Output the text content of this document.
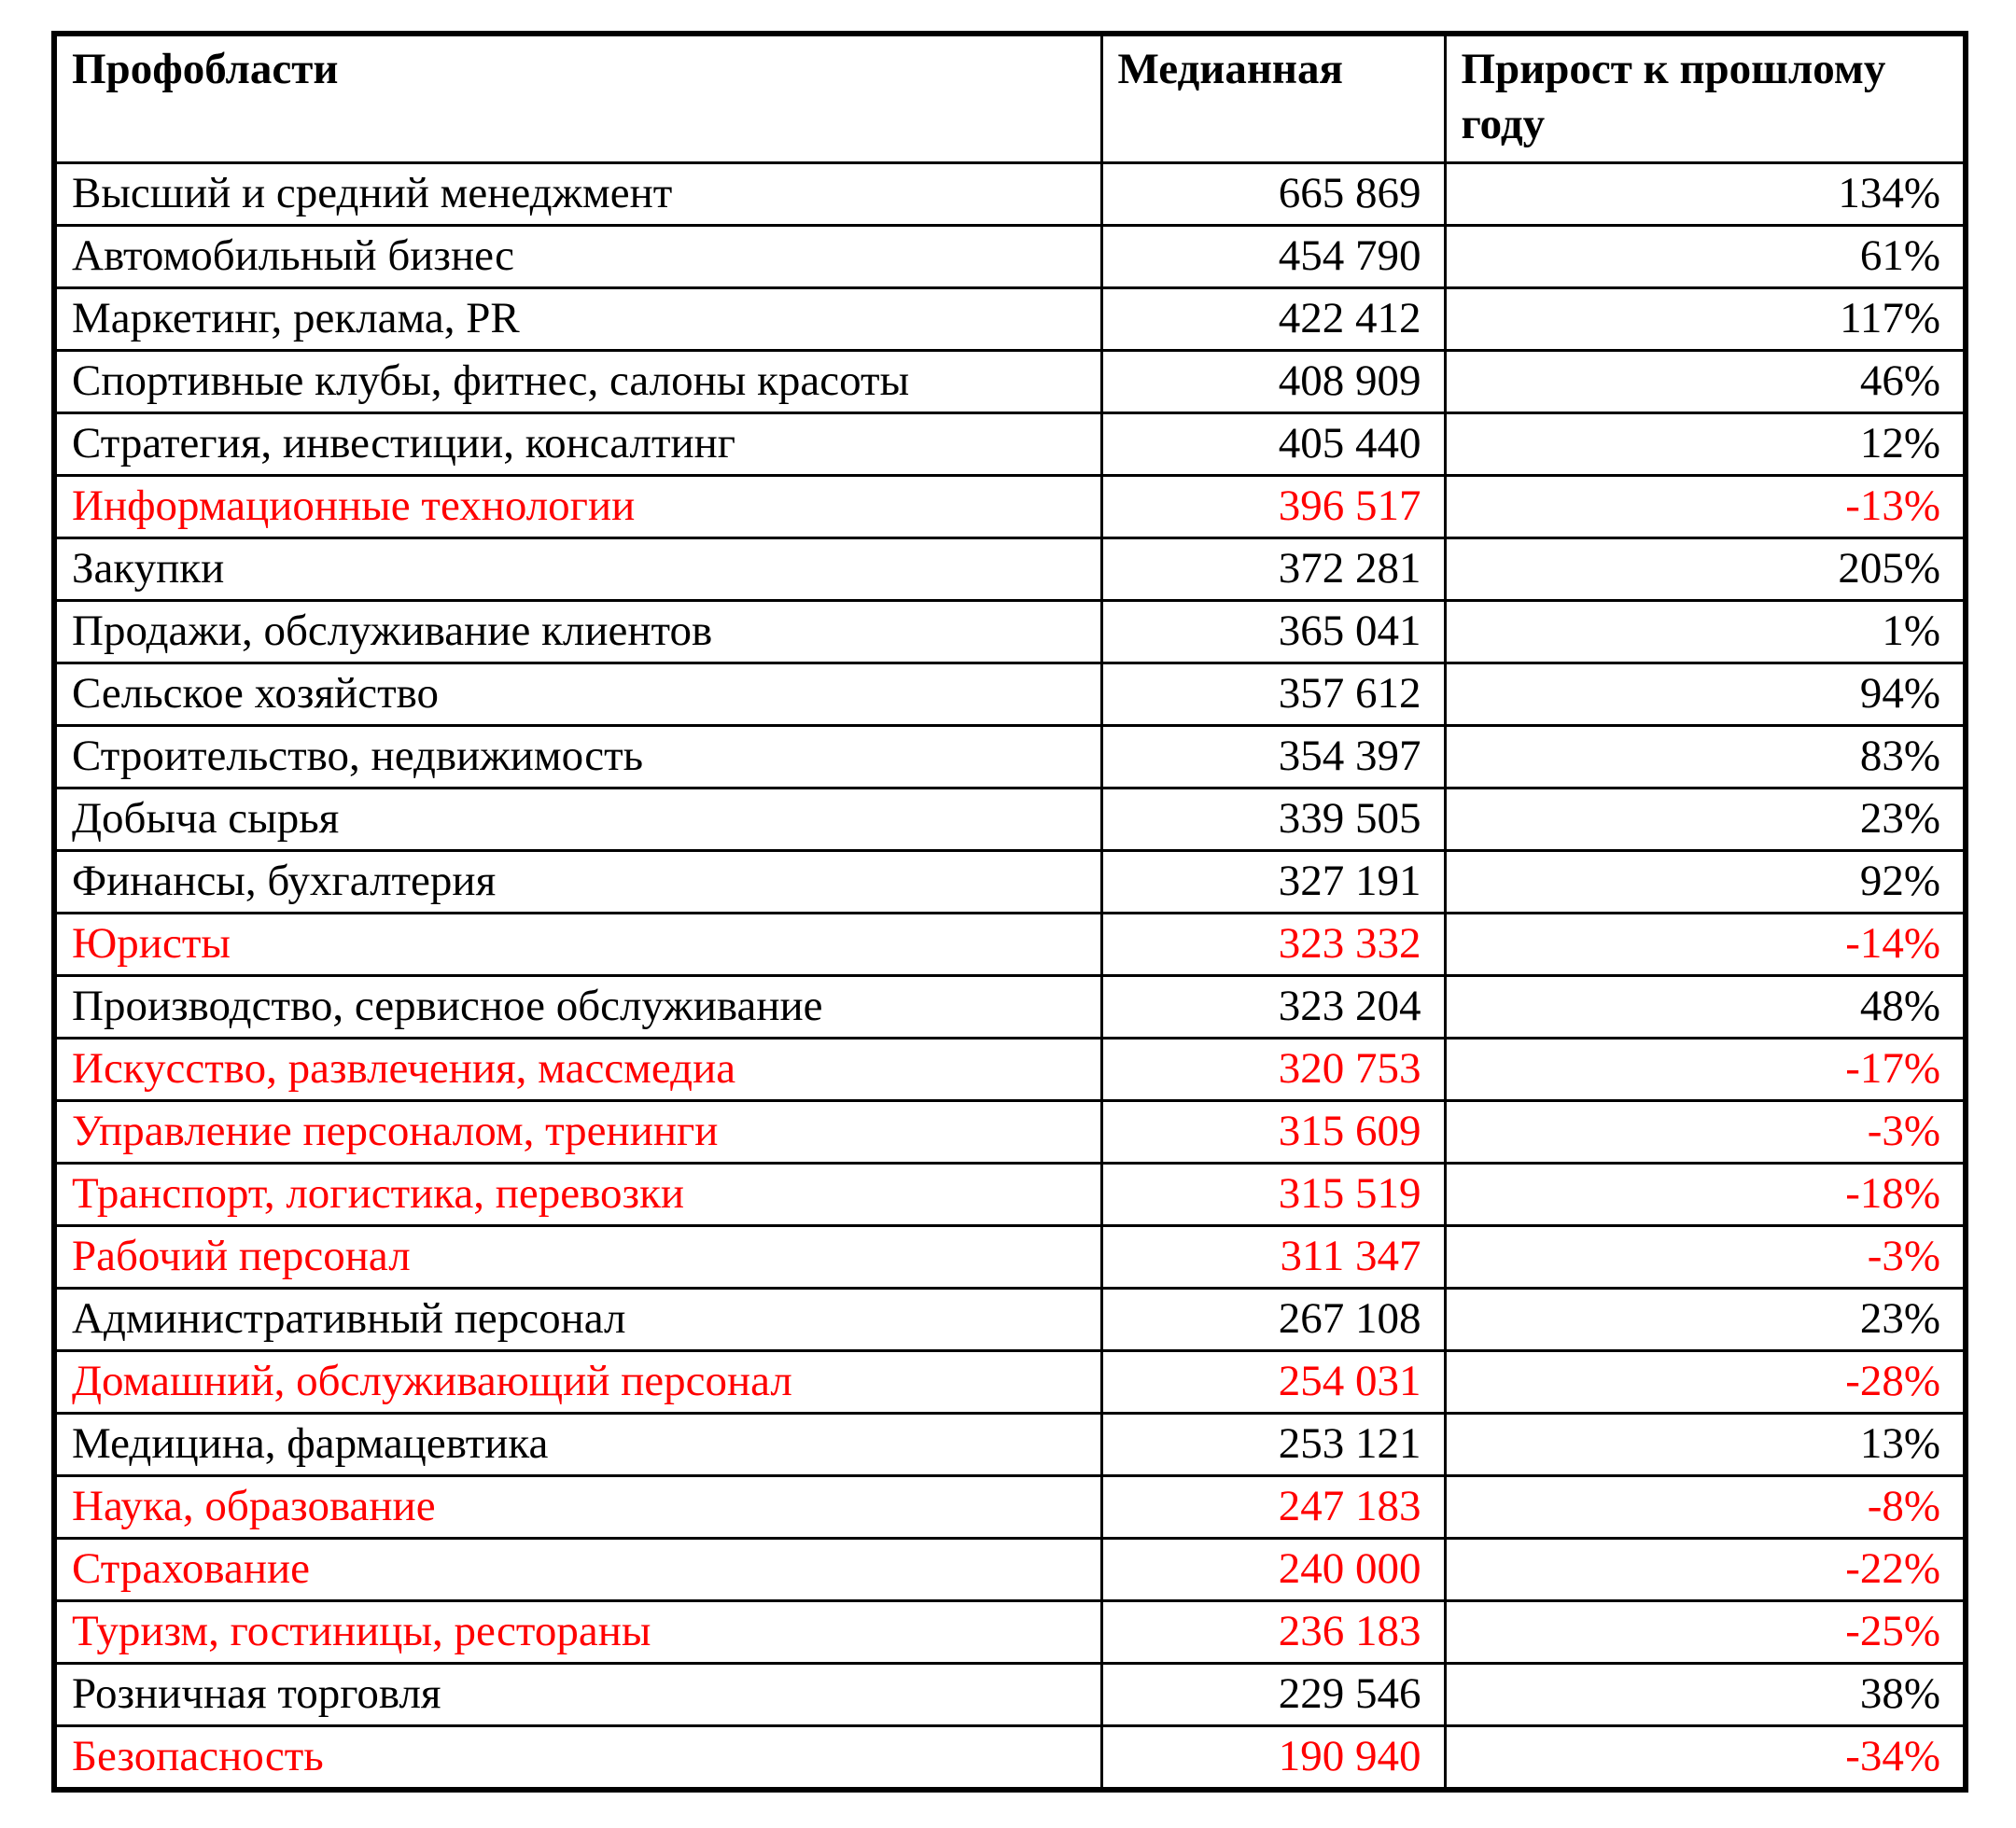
Профобласти	Медианная	Прирост к прошлому году
Высший и средний менеджмент	665 869	134%
Автомобильный бизнес	454 790	61%
Маркетинг, реклама, PR	422 412	117%
Спортивные клубы, фитнес, салоны красоты	408 909	46%
Стратегия, инвестиции, консалтинг	405 440	12%
Информационные технологии	396 517	-13%
Закупки	372 281	205%
Продажи, обслуживание клиентов	365 041	1%
Сельское хозяйство	357 612	94%
Строительство, недвижимость	354 397	83%
Добыча сырья	339 505	23%
Финансы, бухгалтерия	327 191	92%
Юристы	323 332	-14%
Производство, сервисное обслуживание	323 204	48%
Искусство, развлечения, массмедиа	320 753	-17%
Управление персоналом, тренинги	315 609	-3%
Транспорт, логистика, перевозки	315 519	-18%
Рабочий персонал	311 347	-3%
Административный персонал	267 108	23%
Домашний, обслуживающий персонал	254 031	-28%
Медицина, фармацевтика	253 121	13%
Наука, образование	247 183	-8%
Страхование	240 000	-22%
Туризм, гостиницы, рестораны	236 183	-25%
Розничная торговля	229 546	38%
Безопасность	190 940	-34%
